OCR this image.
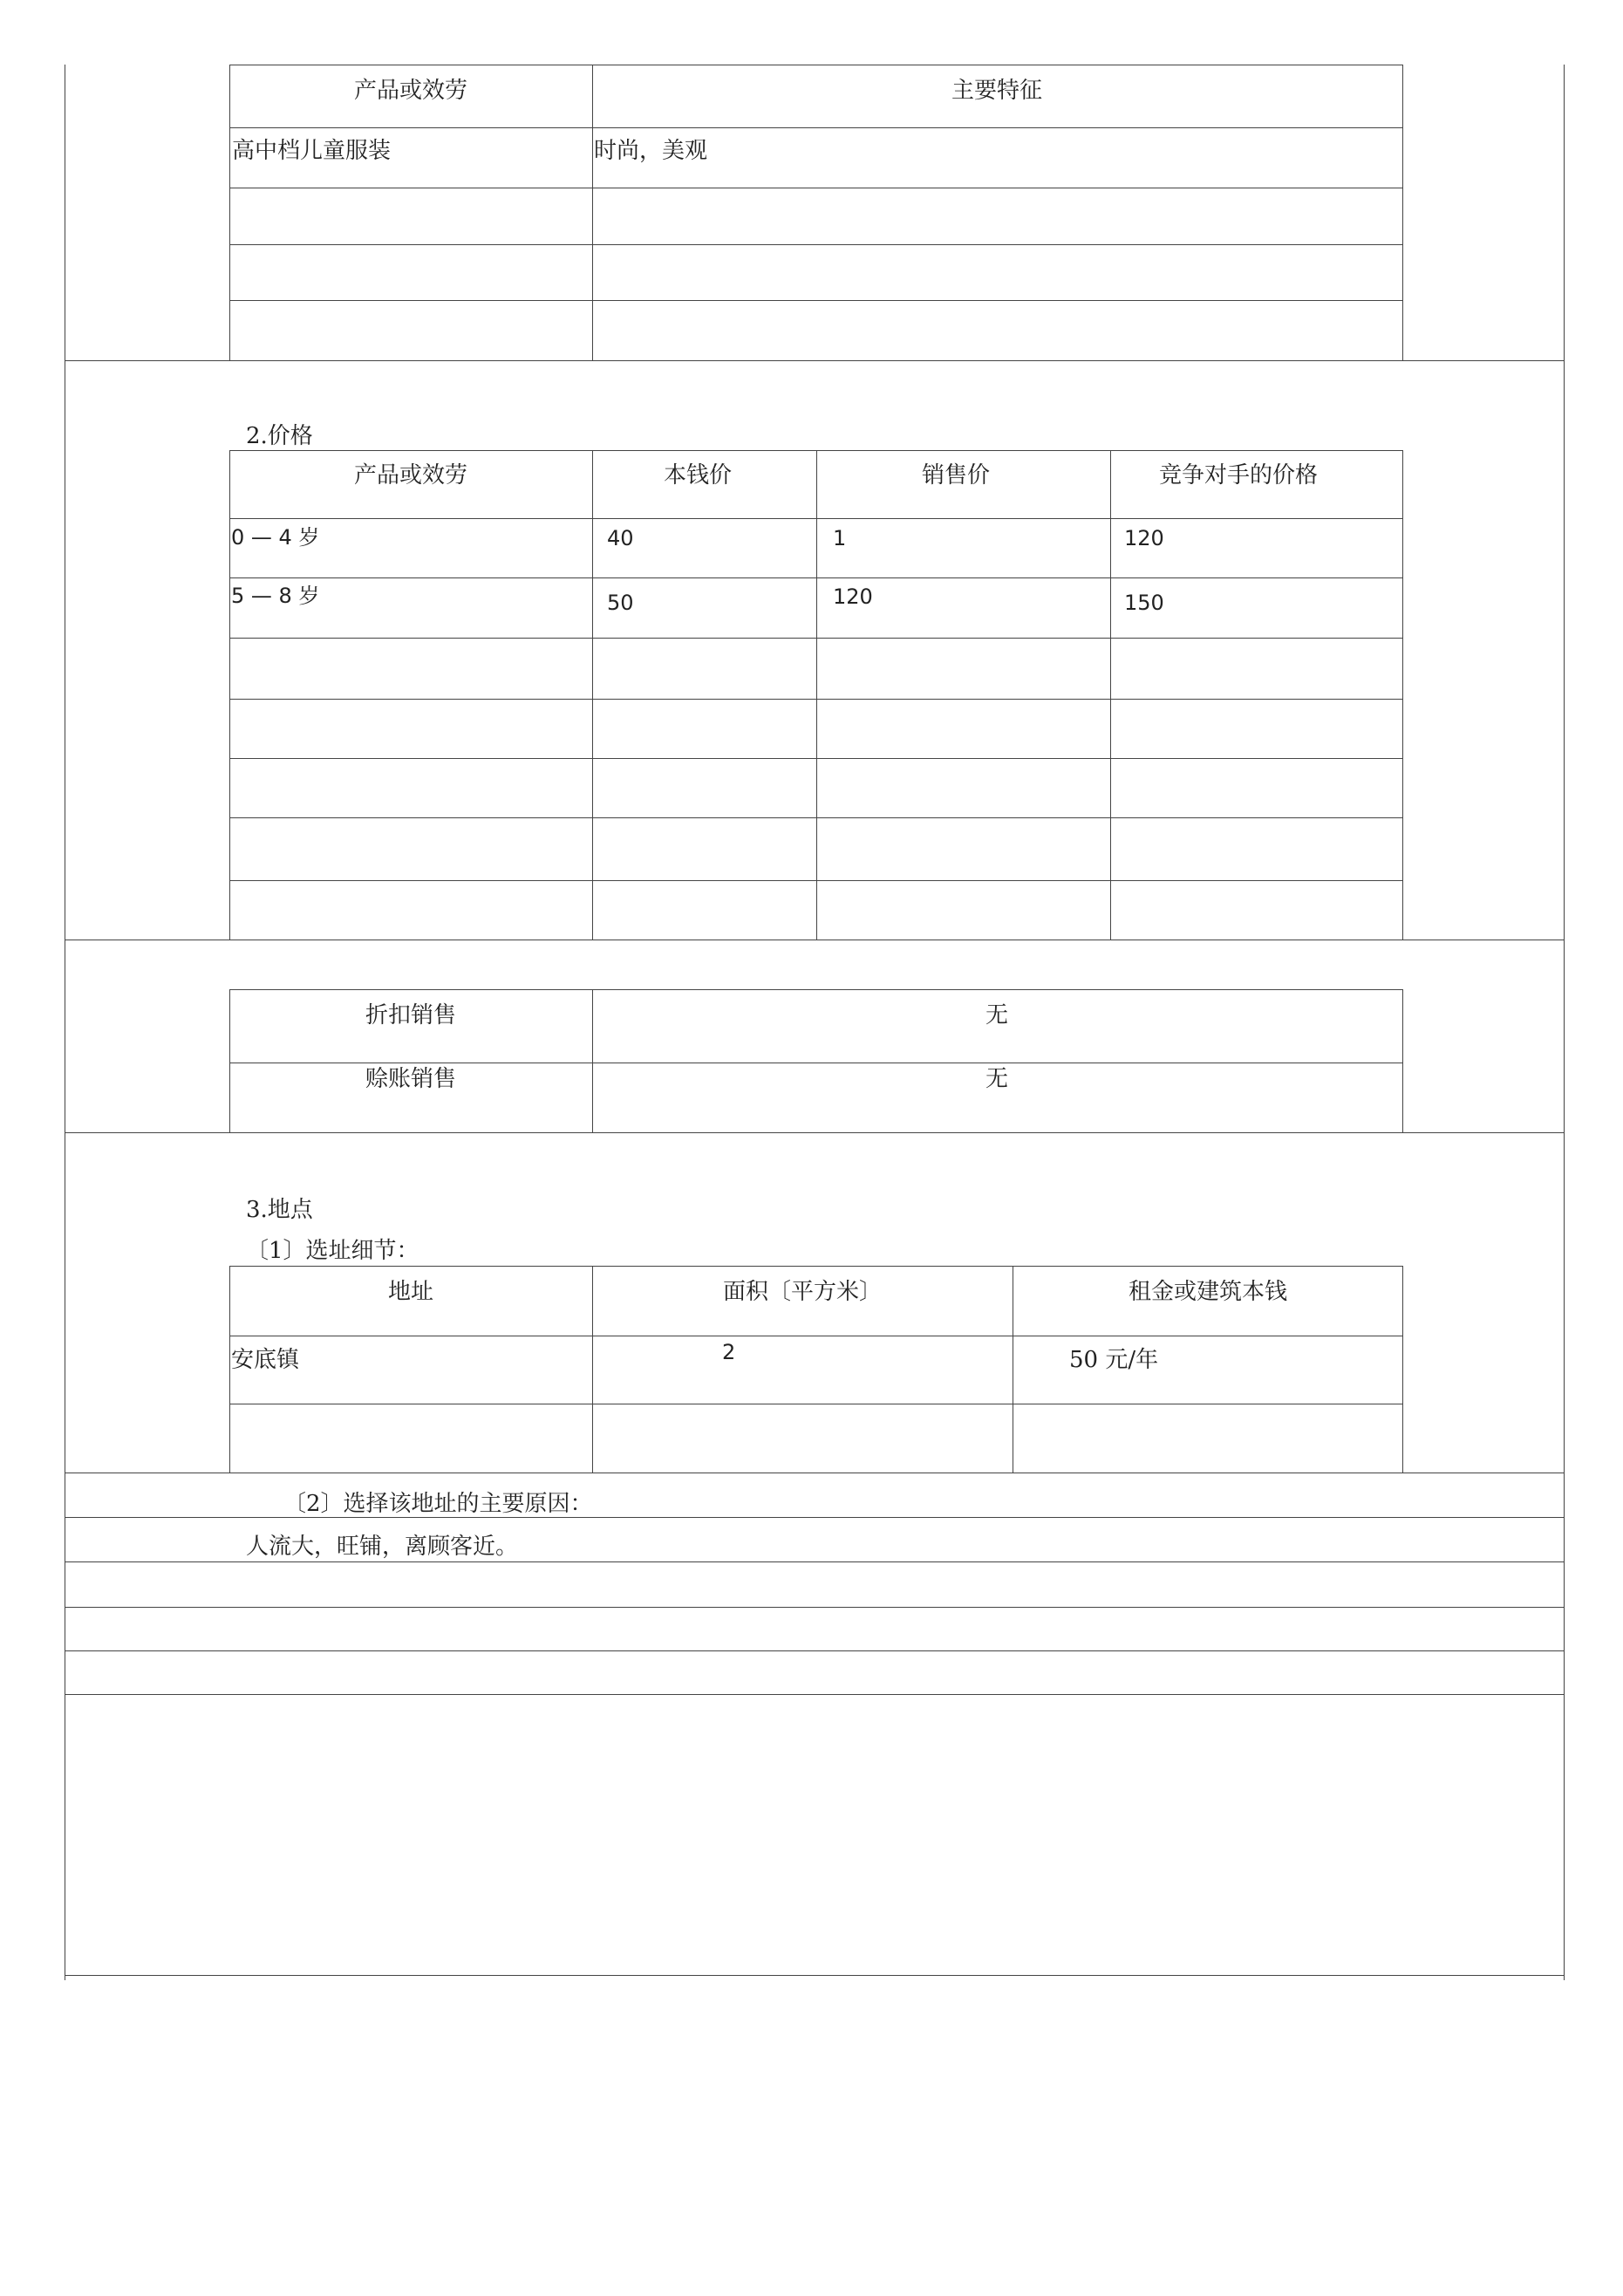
产品或效劳	主要特征
高中档儿童服装	时尚，美观
2.价格
产品或效劳	本钱价	销售价	竞争对手的价格
0 — 4 岁	40	1	120
5 — 8 岁	50	120	150
折扣销售	无
赊账销售	无
3.地点
〔1〕选址细节：
地址	面积〔平方米〕	租金或建筑本钱
安底镇	2	50 元/年
〔2〕选择该地址的主要原因：
人流大，旺铺，离顾客近。
